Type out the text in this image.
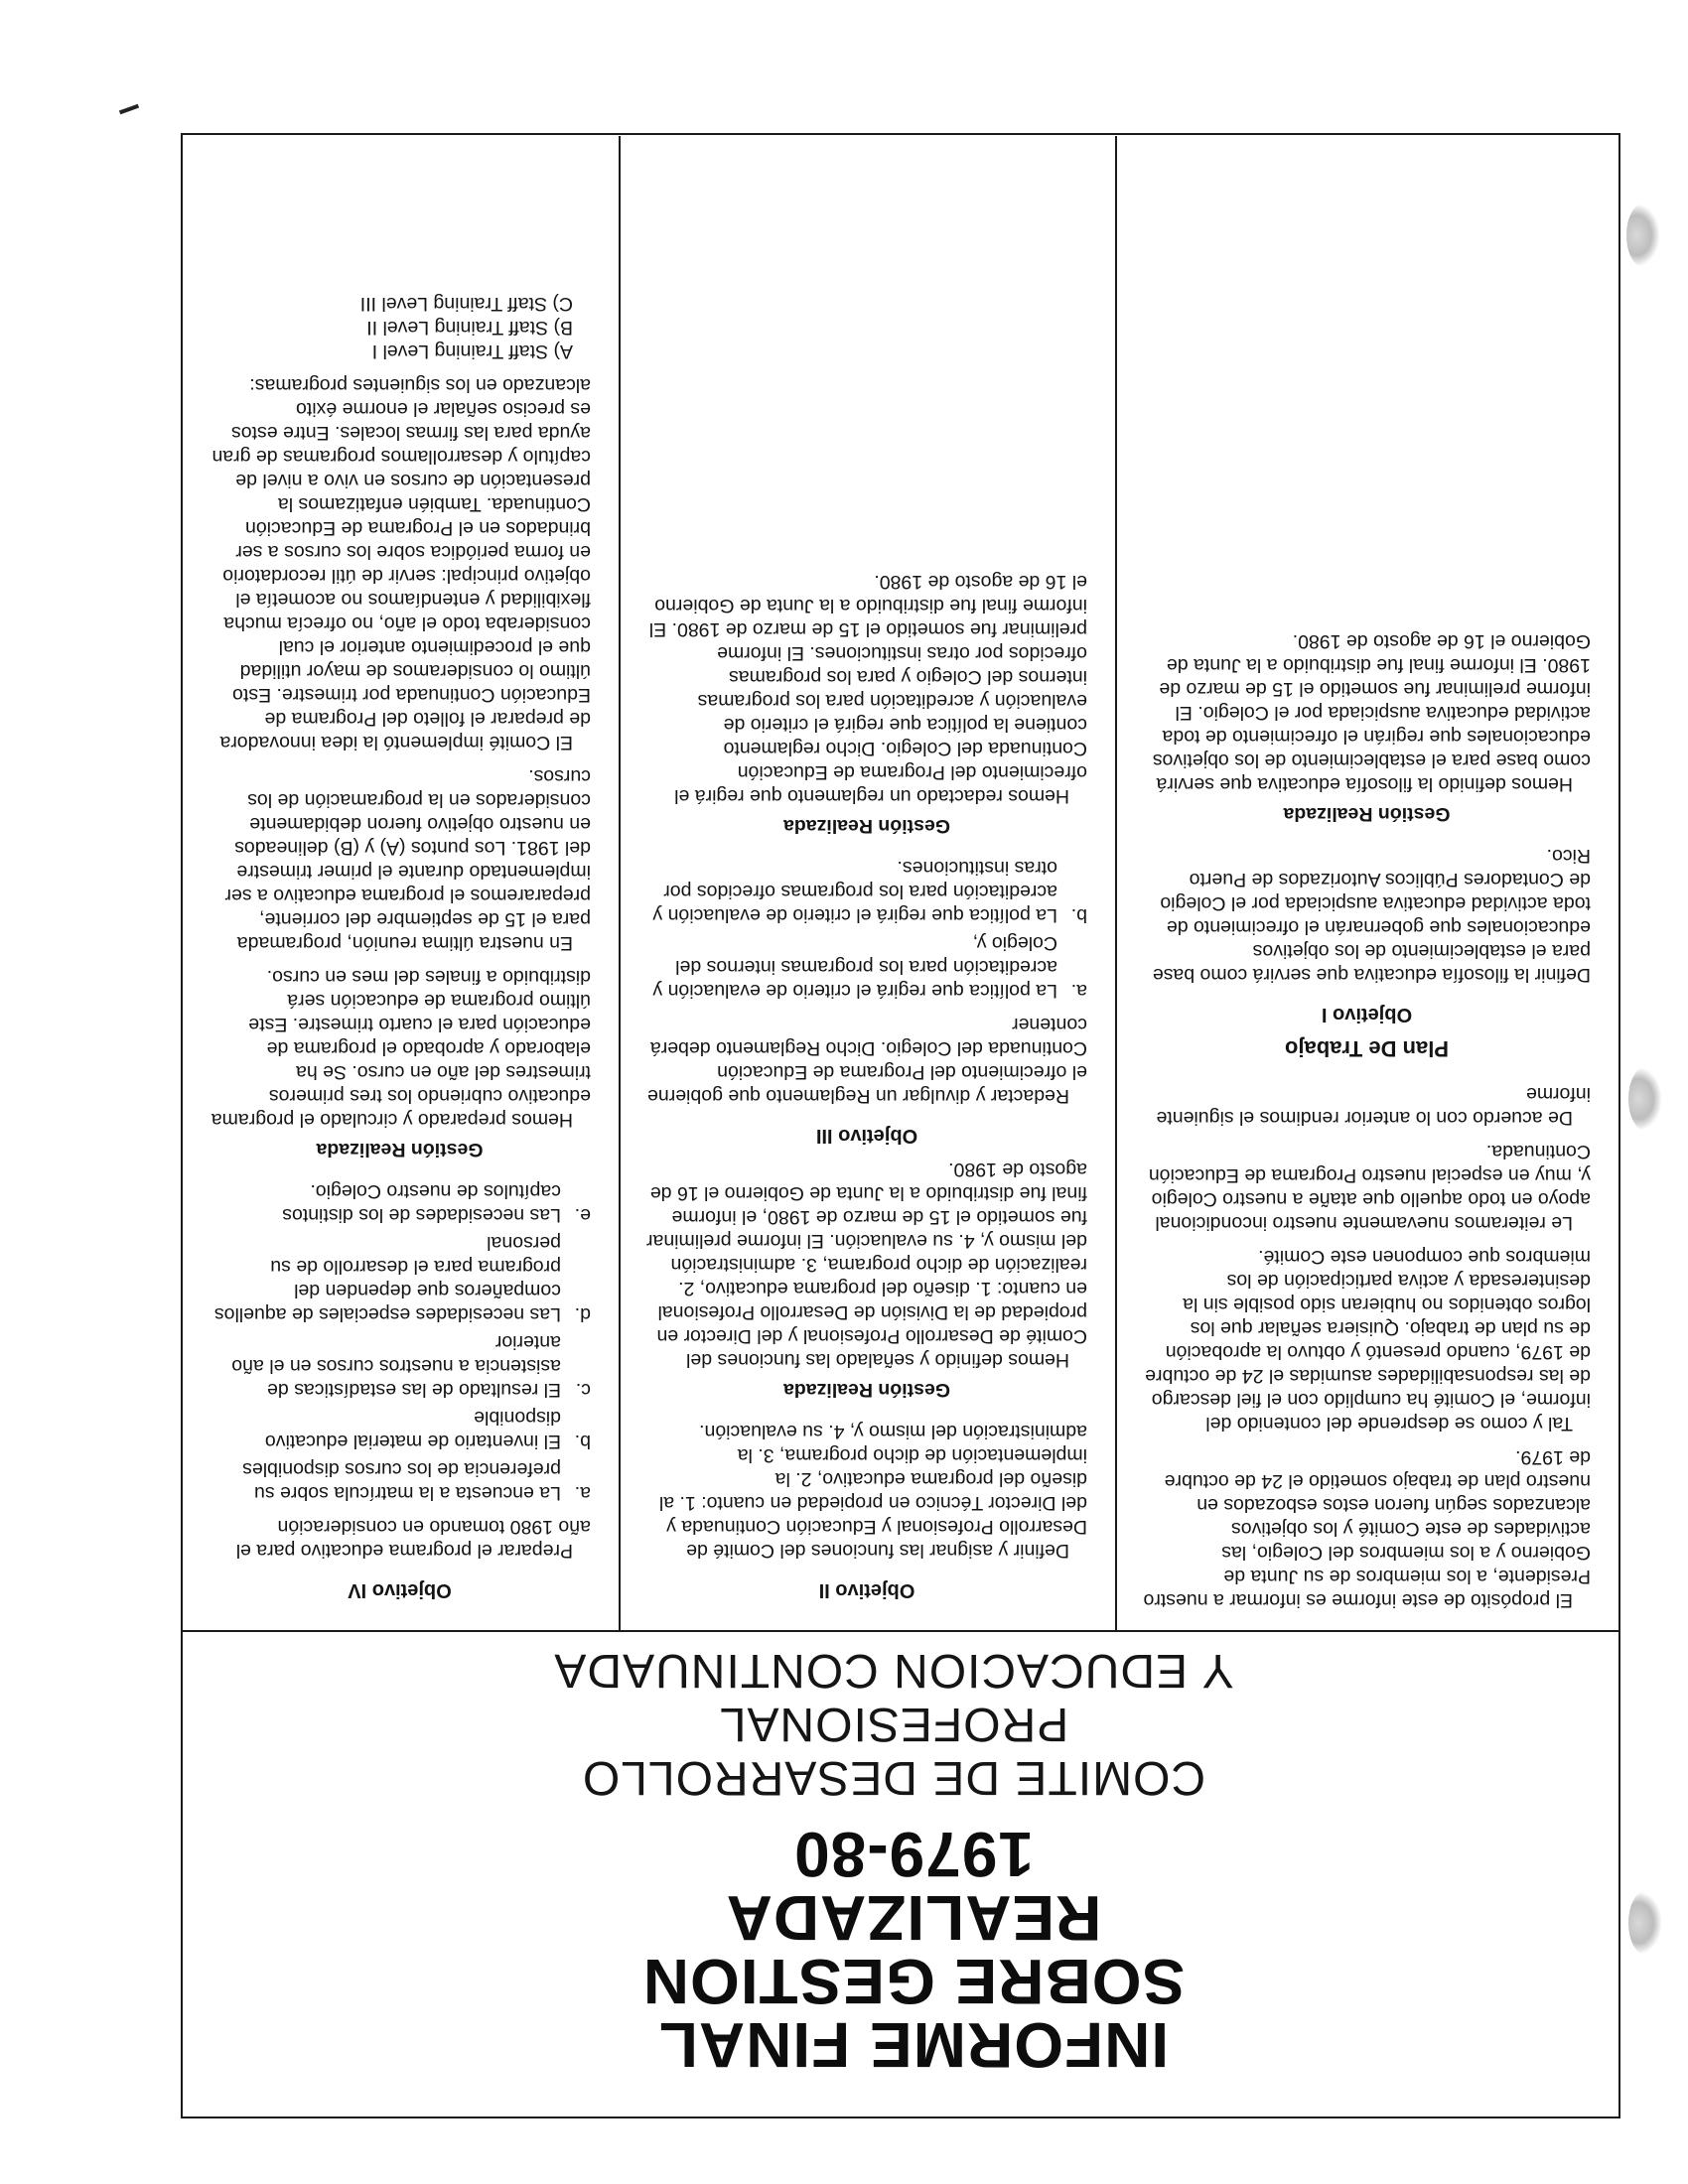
INFORME FINAL
SOBRE GESTION REALIZADA
1979-80
COMITE DE DESARROLLO PROFESIONAL
Y EDUCACION CONTINUADA

El propósito de este informe es informar a nuestro Presidente, a los miembros de su Junta de Gobierno y a los miembros del Colegio, las actividades de este Comité y los objetivos alcanzados según fueron estos esbozados en nuestro plan de trabajo sometido el 24 de octubre de 1979.

Tal y como se desprende del contenido del informe, el Comité ha cumplido con el fiel descargo de las responsabilidades asumidas el 24 de octubre de 1979, cuando presentó y obtuvo la aprobación de su plan de trabajo. Quisiera señalar que los logros obtenidos no hubieran sido posible sin la desinteresada y activa participación de los miembros que componen este Comité.

Le reiteramos nuevamente nuestro incondicional apoyo en todo aquello que atañe a nuestro Colegio y, muy en especial nuestro Programa de Educación Continuada.

De acuerdo con lo anterior rendimos el siguiente informe

Plan De Trabajo
Objetivo I

Definir la filosofía educativa que servirá como base para el establecimiento de los objetivos educacionales que gobernarán el ofrecimiento de toda actividad educativa auspiciada por el Colegio de Contadores Públicos Autorizados de Puerto Rico.

Gestión Realizada

Hemos definido la filosofía educativa que servirá como base para el establecimiento de los objetivos educacionales que regirán el ofrecimiento de toda actividad educativa auspiciada por el Colegio. El informe preliminar fue sometido el 15 de marzo de 1980. El informe final fue distribuido a la Junta de Gobierno el 16 de agosto de 1980.

Objetivo II

Definir y asignar las funciones del Comité de Desarrollo Profesional y Educación Continuada y del Director Técnico en propiedad en cuanto: 1. al diseño del programa educativo, 2. la implementación de dicho programa, 3. la administración del mismo y, 4. su evaluación.

Gestión Realizada

Hemos definido y señalado las funciones del Comité de Desarrollo Profesional y del Director en propiedad de la División de Desarrollo Profesional en cuanto: 1. diseño del programa educativo, 2. realización de dicho programa, 3. administración del mismo y, 4. su evaluación. El informe preliminar fue sometido el 15 de marzo de 1980, el informe final fue distribuido a la Junta de Gobierno el 16 de agosto de 1980.

Objetivo III

Redactar y divulgar un Reglamento que gobierne el ofrecimiento del Programa de Educación Continuada del Colegio. Dicho Reglamento deberá contener

a.
La política que regirá el criterio de evaluación y acreditación para los programas internos del Colegio y,
b.
La política que regirá el criterio de evaluación y acreditación para los programas ofrecidos por otras instituciones.
Gestión Realizada

Hemos redactado un reglamento que regirá el ofrecimiento del Programa de Educación Continuada del Colegio. Dicho reglamento contiene la política que regirá el criterio de evaluación y acreditación para los programas internos del Colegio y para los programas ofrecidos por otras instituciones. El informe preliminar fue sometido el 15 de marzo de 1980. El informe final fue distribuido a la Junta de Gobierno el 16 de agosto de 1980.

Objetivo IV

Preparar el programa educativo para el año 1980 tomando en consideración

a.
La encuesta a la matrícula sobre su preferencia de los cursos disponibles
b.
El inventario de material educativo disponible
c.
El resultado de las estadísticas de asistencia a nuestros cursos en el año anterior
d.
Las necesidades especiales de aquellos compañeros que dependen del programa para el desarrollo de su personal
e.
Las necesidades de los distintos capítulos de nuestro Colegio.
Gestión Realizada

Hemos preparado y circulado el programa educativo cubriendo los tres primeros trimestres del año en curso. Se ha elaborado y aprobado el programa de educación para el cuarto trimestre. Este último programa de educación será distribuido a finales del mes en curso.

En nuestra última reunión, programada para el 15 de septiembre del corriente, prepararemos el programa educativo a ser implementado durante el primer trimestre del 1981. Los puntos (A) y (B) delineados en nuestro objetivo fueron debidamente considerados en la programación de los cursos.

El Comité implementó la idea innovadora de preparar el folleto del Programa de Educación Continuada por trimestre. Esto último lo consideramos de mayor utilidad que el procedimiento anterior el cual consideraba todo el año, no ofrecía mucha flexibilidad y entendíamos no acometía el objetivo principal: servir de útil recordatorio en forma periódica sobre los cursos a ser brindados en el Programa de Educación Continuada. También enfatizamos la presentación de cursos en vivo a nivel de capítulo y desarrollamos programas de gran ayuda para las firmas locales. Entre estos es preciso señalar el enorme éxito alcanzado en los siguientes programas:

A) Staff Training Level I
B) Staff Training Level II
C) Staff Training Level III
